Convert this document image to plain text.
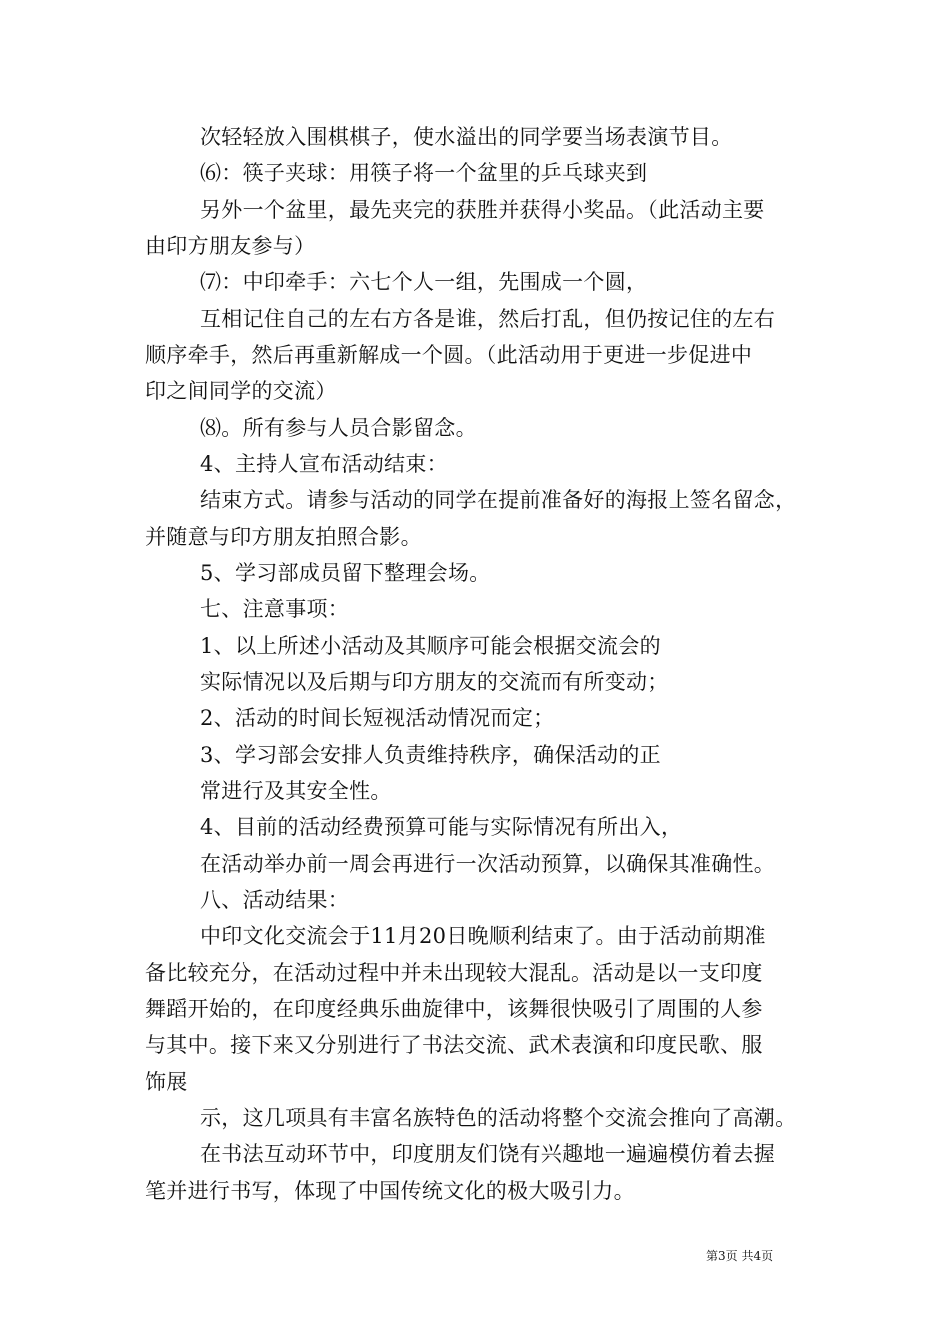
次轻轻放入围棋棋子，使水溢出的同学要当场表演节目。
⑹：筷子夹球：用筷子将一个盆里的乒乓球夹到
另外一个盆里，最先夹完的获胜并获得小奖品。（此活动主要
由印方朋友参与）
⑺：中印牵手：六七个人一组，先围成一个圆，
互相记住自己的左右方各是谁，然后打乱，但仍按记住的左右
顺序牵手，然后再重新解成一个圆。（此活动用于更进一步促进中
印之间同学的交流）
⑻。所有参与人员合影留念。
4、主持人宣布活动结束：
结束方式。请参与活动的同学在提前准备好的海报上签名留念，
并随意与印方朋友拍照合影。
5、学习部成员留下整理会场。
七、注意事项：
1、以上所述小活动及其顺序可能会根据交流会的
实际情况以及后期与印方朋友的交流而有所变动；
2、活动的时间长短视活动情况而定；
3、学习部会安排人负责维持秩序，确保活动的正
常进行及其安全性。
4、目前的活动经费预算可能与实际情况有所出入，
在活动举办前一周会再进行一次活动预算，以确保其准确性。
八、活动结果：
中印文化交流会于11月20日晚顺利结束了。由于活动前期准
备比较充分，在活动过程中并未出现较大混乱。活动是以一支印度
舞蹈开始的，在印度经典乐曲旋律中，该舞很快吸引了周围的人参
与其中。接下来又分别进行了书法交流、武术表演和印度民歌、服
饰展
示，这几项具有丰富名族特色的活动将整个交流会推向了高潮。
在书法互动环节中，印度朋友们饶有兴趣地一遍遍模仿着去握
笔并进行书写，体现了中国传统文化的极大吸引力。
第3页 共4页
